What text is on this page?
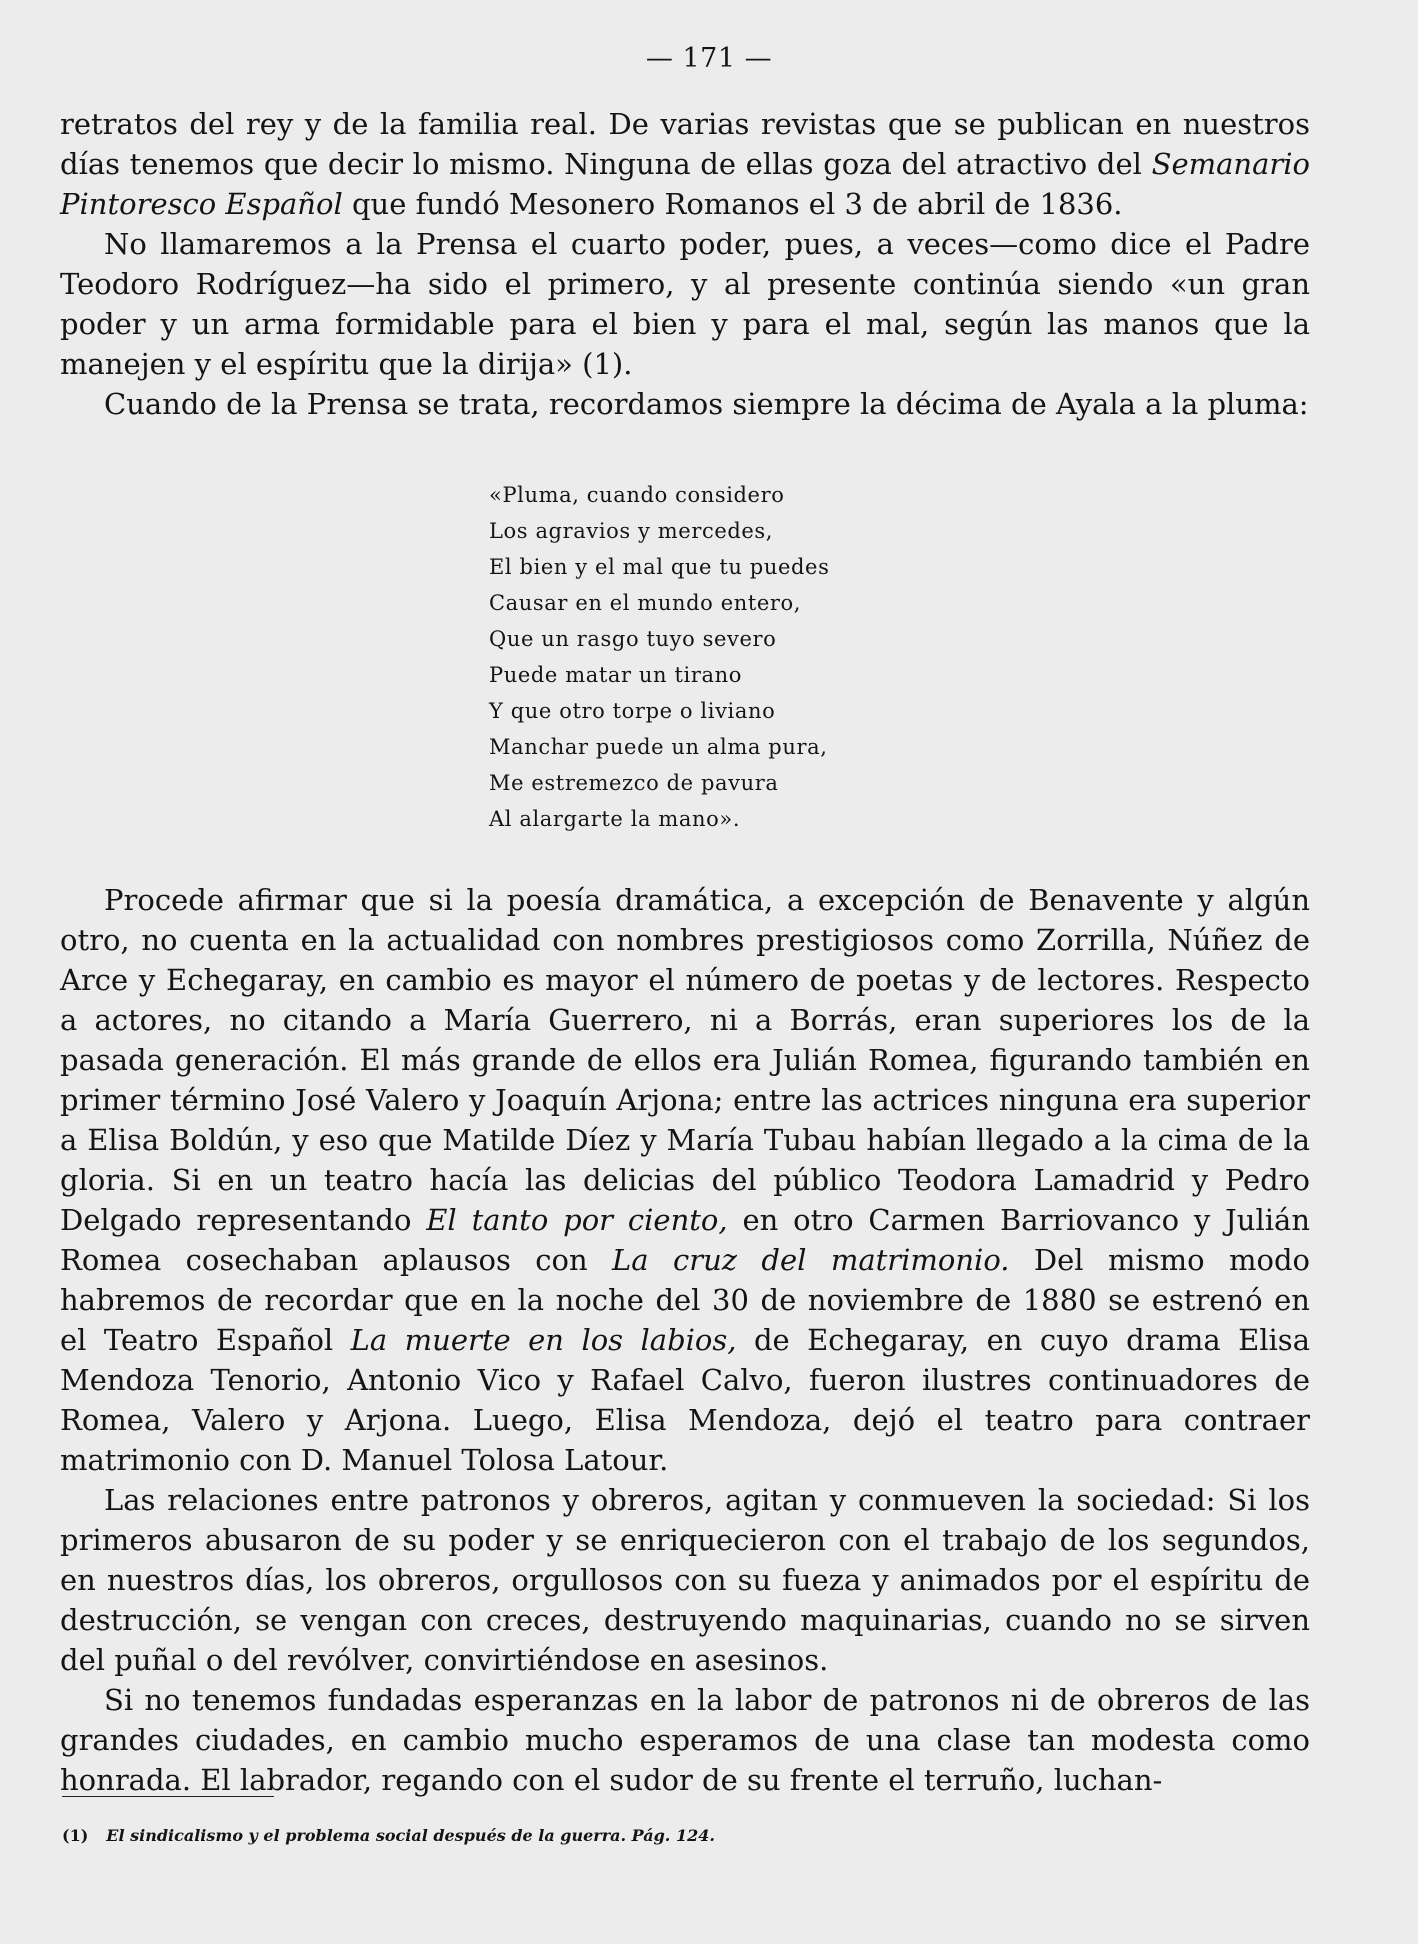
— 171 —

retratos del rey y de la familia real. De varias revistas que se publican en nuestros días tenemos que decir lo mismo. Ninguna de ellas goza del atractivo del Semanario Pintoresco Español que fundó Mesonero Romanos el 3 de abril de 1836.

No llamaremos a la Prensa el cuarto poder, pues, a veces—como dice el Padre Teodoro Rodríguez—ha sido el primero, y al presente continúa siendo «un gran poder y un arma formidable para el bien y para el mal, según las manos que la manejen y el espíritu que la dirija» (1).

Cuando de la Prensa se trata, recordamos siempre la décima de Ayala a la pluma:

«Pluma, cuando considero
Los agravios y mercedes,
El bien y el mal que tu puedes
Causar en el mundo entero,
Que un rasgo tuyo severo
Puede matar un tirano
Y que otro torpe o liviano
Manchar puede un alma pura,
Me estremezco de pavura
Al alargarte la mano».

Procede afirmar que si la poesía dramática, a excepción de Benavente y algún otro, no cuenta en la actualidad con nombres prestigiosos como Zorrilla, Núñez de Arce y Echegaray, en cambio es mayor el número de poetas y de lectores. Respecto a actores, no citando a María Guerrero, ni a Borrás, eran superiores los de la pasada generación. El más grande de ellos era Julián Romea, figurando también en primer término José Valero y Joaquín Arjona; entre las actrices ninguna era superior a Elisa Boldún, y eso que Matilde Díez y María Tubau habían llegado a la cima de la gloria. Si en un teatro hacía las delicias del público Teodora Lamadrid y Pedro Delgado representando El tanto por ciento, en otro Carmen Barriovanco y Julián Romea cosechaban aplausos con La cruz del matrimonio. Del mismo modo habremos de recordar que en la noche del 30 de noviembre de 1880 se estrenó en el Teatro Español La muerte en los labios, de Echegaray, en cuyo drama Elisa Mendoza Tenorio, Antonio Vico y Rafael Calvo, fueron ilustres continuadores de Romea, Valero y Arjona. Luego, Elisa Mendoza, dejó el teatro para contraer matrimonio con D. Manuel Tolosa Latour.

Las relaciones entre patronos y obreros, agitan y conmueven la sociedad: Si los primeros abusaron de su poder y se enriquecieron con el trabajo de los segundos, en nuestros días, los obreros, orgullosos con su fueza y animados por el espíritu de destrucción, se vengan con creces, destruyendo maquinarias, cuando no se sirven del puñal o del revólver, convirtiéndose en asesinos.

Si no tenemos fundadas esperanzas en la labor de patronos ni de obreros de las grandes ciudades, en cambio mucho esperamos de una clase tan modesta como honrada. El labrador, regando con el sudor de su frente el terruño, luchan-

(1) El sindicalismo y el problema social después de la guerra. Pág. 124.
